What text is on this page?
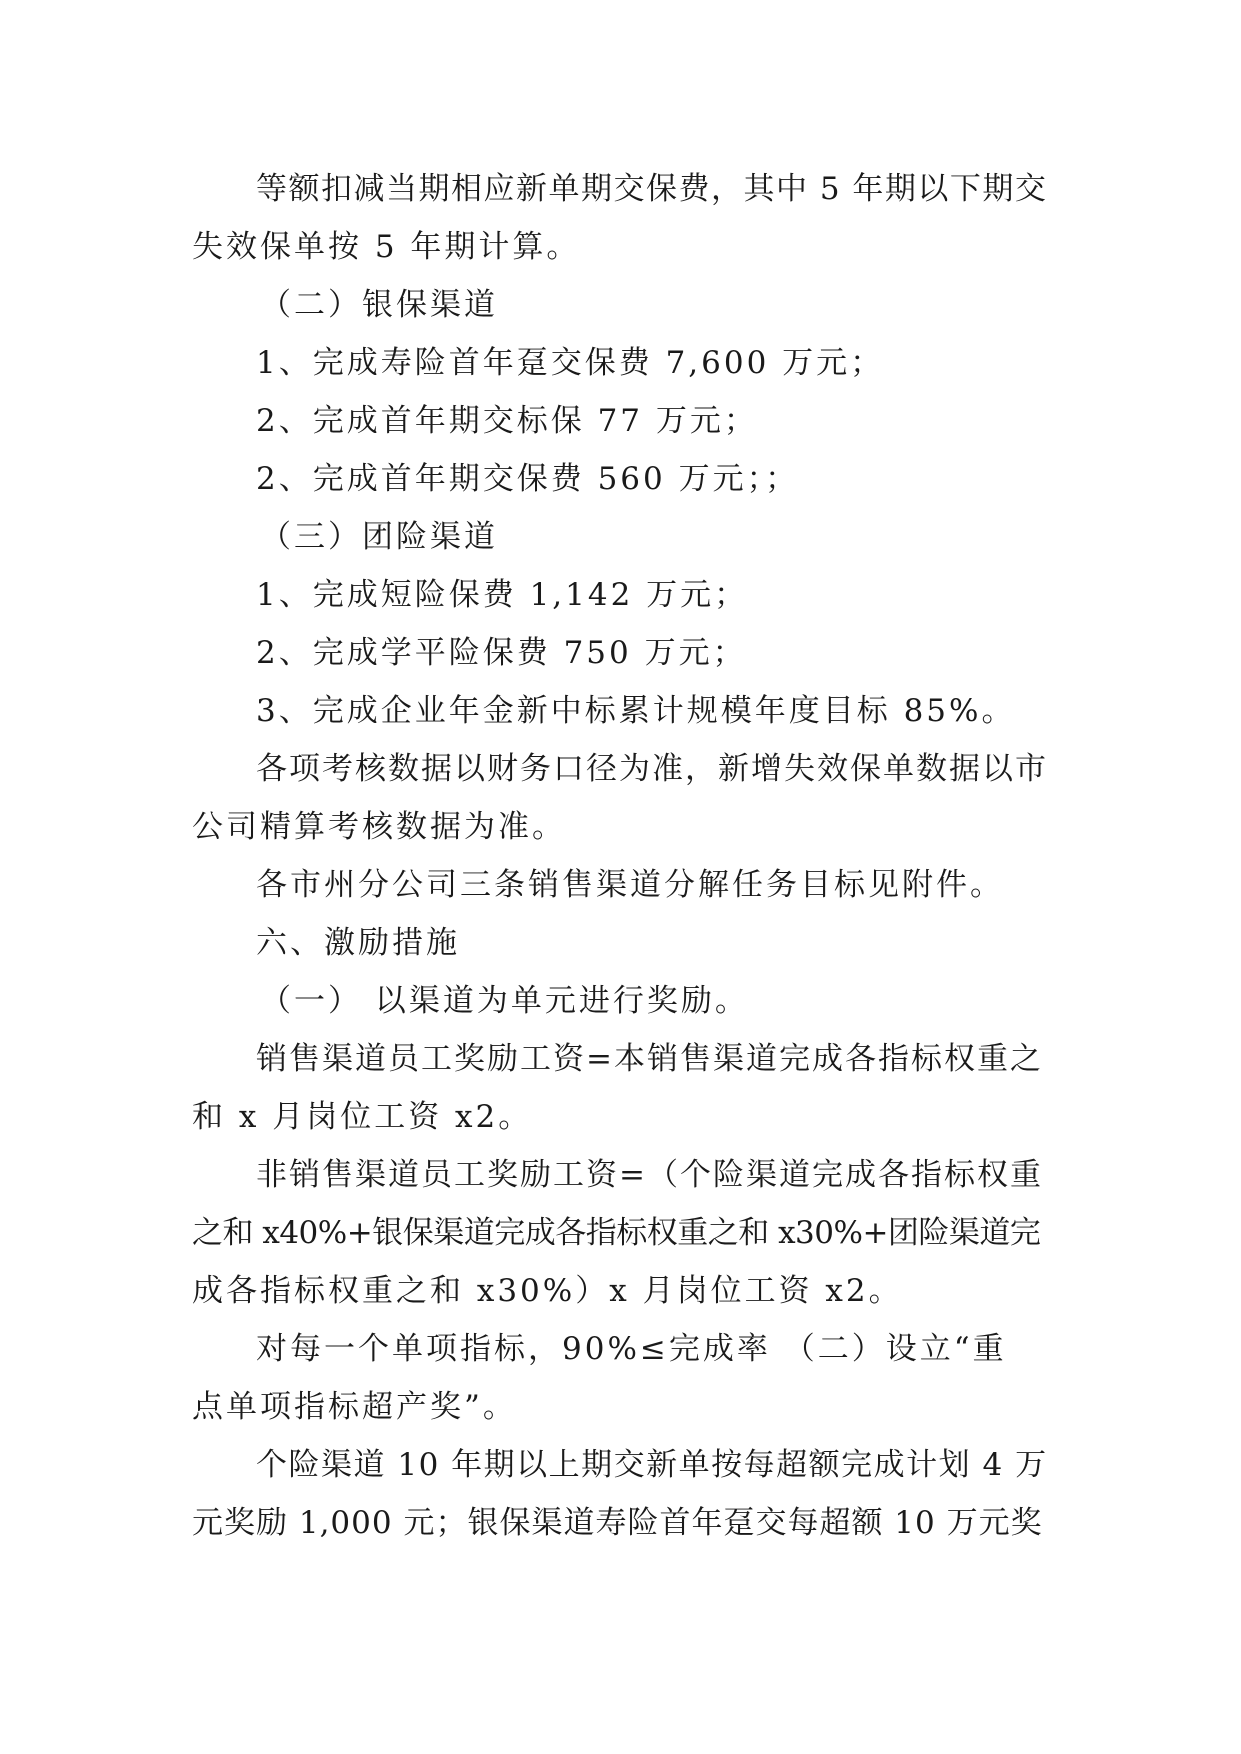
等额扣减当期相应新单期交保费，其中 5 年期以下期交
失效保单按 5 年期计算。
（二）银保渠道
1、完成寿险首年趸交保费 7,600 万元；
2、完成首年期交标保 77 万元；
2、完成首年期交保费 560 万元；；
（三）团险渠道
1、完成短险保费 1,142 万元；
2、完成学平险保费 750 万元；
3、完成企业年金新中标累计规模年度目标 85%。
各项考核数据以财务口径为准，新增失效保单数据以市
公司精算考核数据为准。
各市州分公司三条销售渠道分解任务目标见附件。
六、激励措施
（一） 以渠道为单元进行奖励。
销售渠道员工奖励工资=本销售渠道完成各指标权重之
和 x 月岗位工资 x2。
非销售渠道员工奖励工资=（个险渠道完成各指标权重
之和 x40%+银保渠道完成各指标权重之和 x30%+团险渠道完
成各指标权重之和 x30%）x 月岗位工资 x2。
对每一个单项指标，90%≤完成率 （二）设立“重
点单项指标超产奖”。
个险渠道 10 年期以上期交新单按每超额完成计划 4 万
元奖励 1,000 元；银保渠道寿险首年趸交每超额 10 万元奖
